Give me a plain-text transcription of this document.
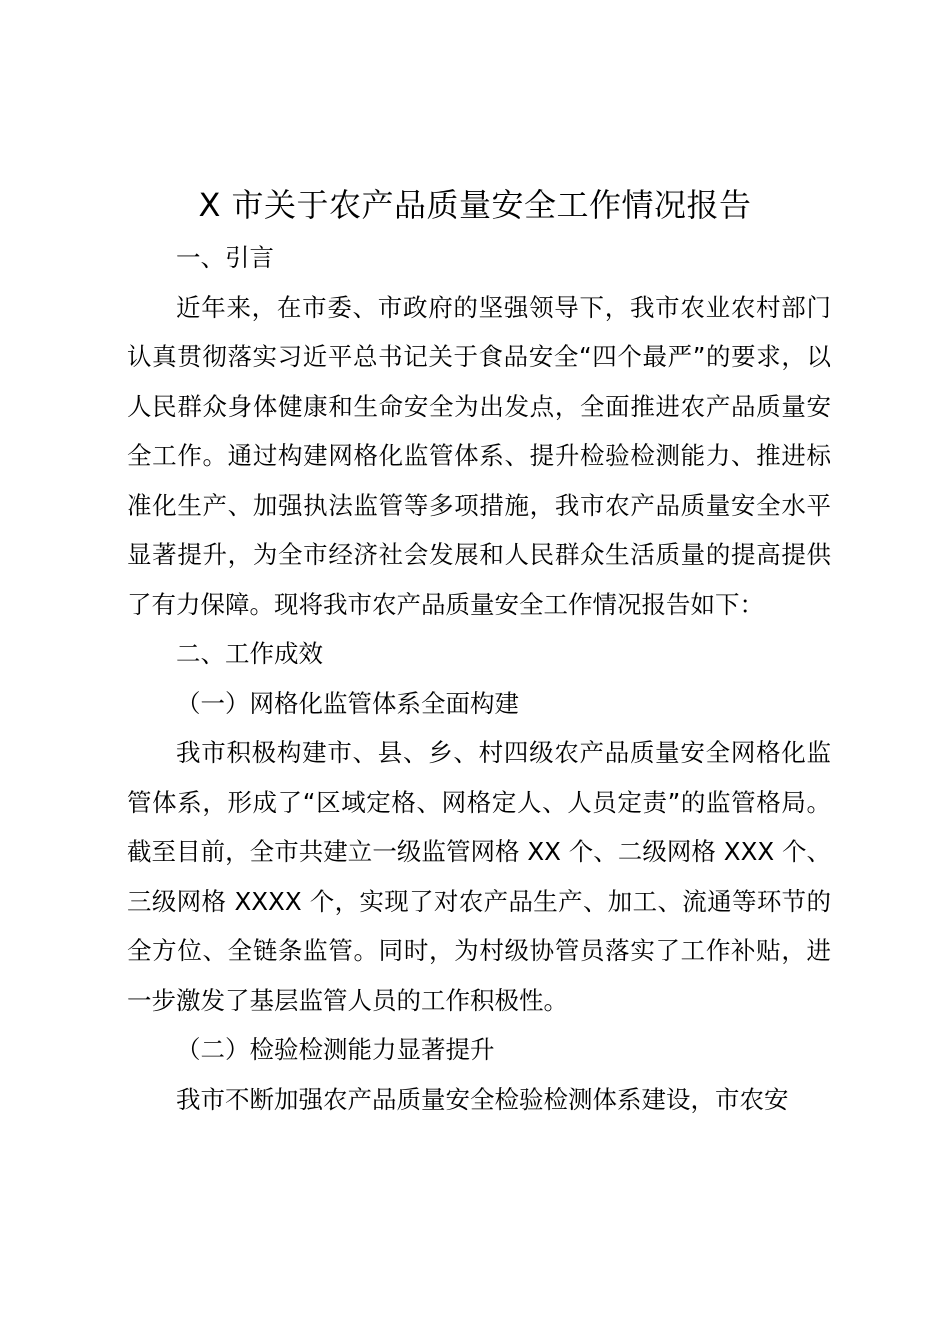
X 市关于农产品质量安全工作情况报告

一、引言

近年来，在市委、市政府的坚强领导下，我市农业农村部门认真贯彻落实习近平总书记关于食品安全“四个最严”的要求，以人民群众身体健康和生命安全为出发点，全面推进农产品质量安全工作。通过构建网格化监管体系、提升检验检测能力、推进标准化生产、加强执法监管等多项措施，我市农产品质量安全水平显著提升，为全市经济社会发展和人民群众生活质量的提高提供了有力保障。现将我市农产品质量安全工作情况报告如下：

二、工作成效

（一）网格化监管体系全面构建

我市积极构建市、县、乡、村四级农产品质量安全网格化监管体系，形成了“区域定格、网格定人、人员定责”的监管格局。截至目前，全市共建立一级监管网格 XX 个、二级网格 XXX 个、三级网格 XXXX 个，实现了对农产品生产、加工、流通等环节的全方位、全链条监管。同时，为村级协管员落实了工作补贴，进一步激发了基层监管人员的工作积极性。

（二）检验检测能力显著提升

我市不断加强农产品质量安全检验检测体系建设，市农安
